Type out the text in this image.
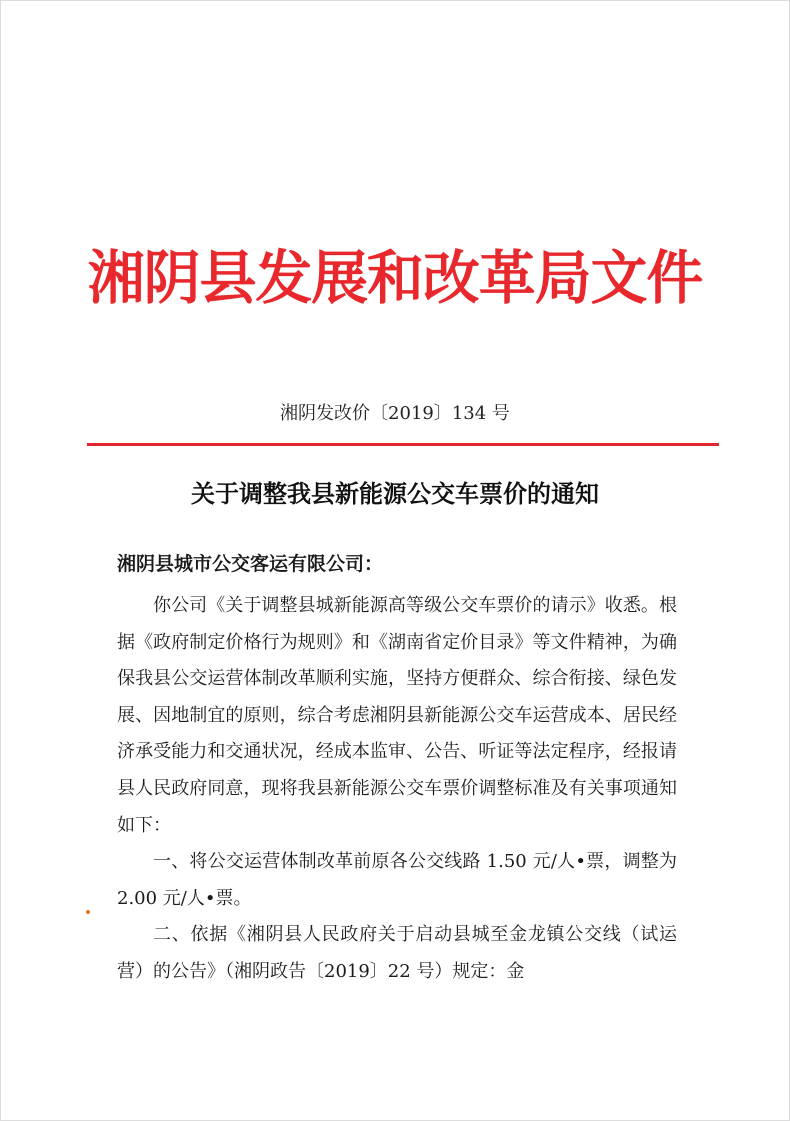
湘阴县发展和改革局文件
湘阴发改价〔2019〕134 号
关于调整我县新能源公交车票价的通知
湘阴县城市公交客运有限公司：

你公司《关于调整县城新能源高等级公交车票价的请示》收悉。根据《政府制定价格行为规则》和《湖南省定价目录》等文件精神，为确保我县公交运营体制改革顺利实施，坚持方便群众、综合衔接、绿色发展、因地制宜的原则，综合考虑湘阴县新能源公交车运营成本、居民经济承受能力和交通状况，经成本监审、公告、听证等法定程序，经报请县人民政府同意，现将我县新能源公交车票价调整标准及有关事项通知如下：

一、将公交运营体制改革前原各公交线路 1.50 元/人•票，调整为 2.00 元/人•票。

二、依据《湘阴县人民政府关于启动县城至金龙镇公交线（试运营）的公告》（湘阴政告〔2019〕22 号）规定：金
